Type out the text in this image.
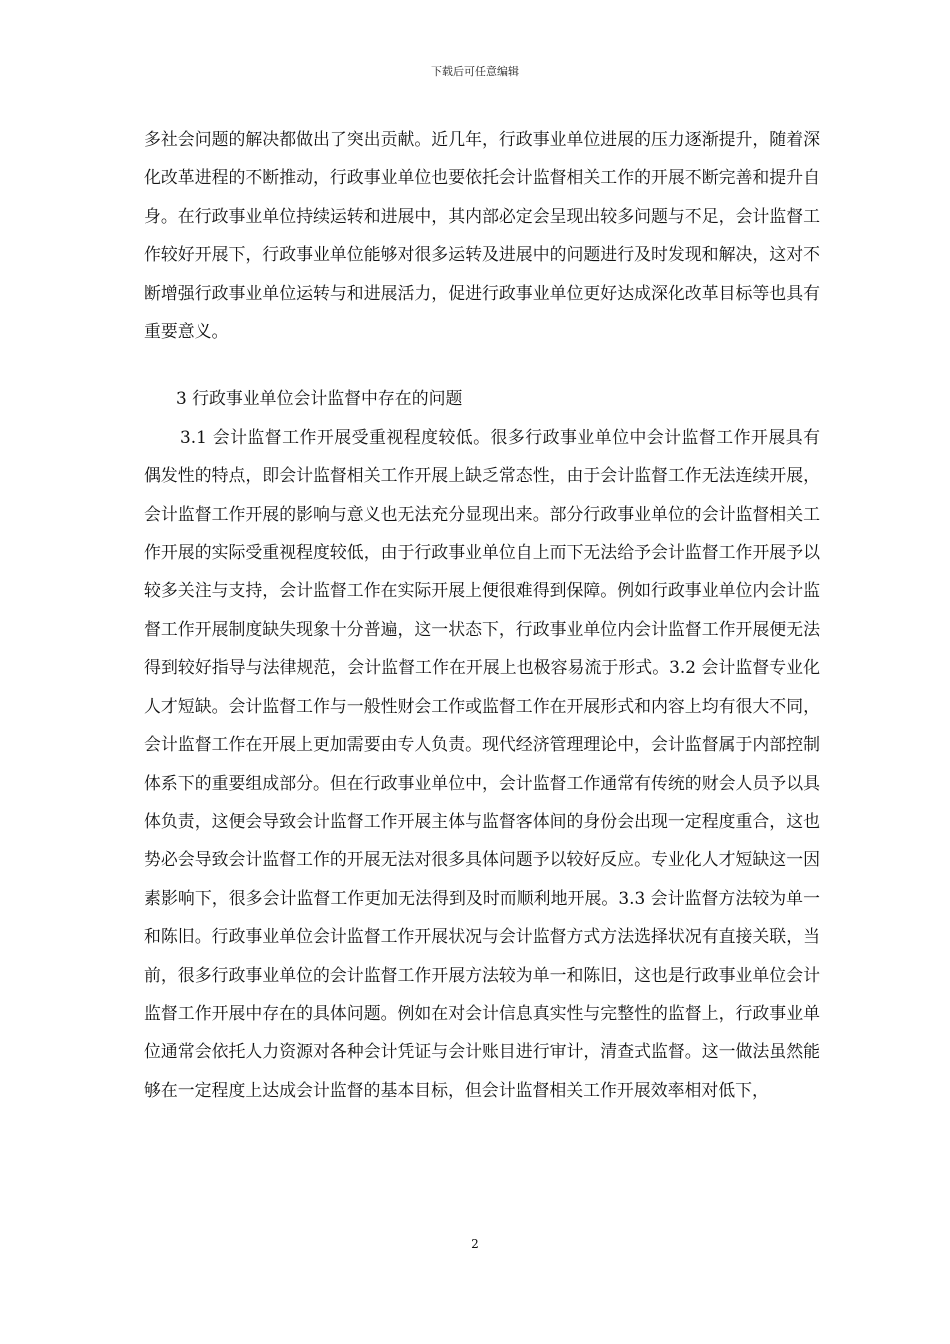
下载后可任意编辑

多社会问题的解决都做出了突出贡献。近几年，行政事业单位进展的压力逐渐提升，随着深化改革进程的不断推动，行政事业单位也要依托会计监督相关工作的开展不断完善和提升自身。在行政事业单位持续运转和进展中，其内部必定会呈现出较多问题与不足，会计监督工作较好开展下，行政事业单位能够对很多运转及进展中的问题进行及时发现和解决，这对不断增强行政事业单位运转与和进展活力，促进行政事业单位更好达成深化改革目标等也具有重要意义。

3 行政事业单位会计监督中存在的问题

3.1 会计监督工作开展受重视程度较低。很多行政事业单位中会计监督工作开展具有偶发性的特点，即会计监督相关工作开展上缺乏常态性，由于会计监督工作无法连续开展，会计监督工作开展的影响与意义也无法充分显现出来。部分行政事业单位的会计监督相关工作开展的实际受重视程度较低，由于行政事业单位自上而下无法给予会计监督工作开展予以较多关注与支持，会计监督工作在实际开展上便很难得到保障。例如行政事业单位内会计监督工作开展制度缺失现象十分普遍，这一状态下，行政事业单位内会计监督工作开展便无法得到较好指导与法律规范，会计监督工作在开展上也极容易流于形式。3.2 会计监督专业化人才短缺。会计监督工作与一般性财会工作或监督工作在开展形式和内容上均有很大不同，会计监督工作在开展上更加需要由专人负责。现代经济管理理论中，会计监督属于内部控制体系下的重要组成部分。但在行政事业单位中，会计监督工作通常有传统的财会人员予以具体负责，这便会导致会计监督工作开展主体与监督客体间的身份会出现一定程度重合，这也势必会导致会计监督工作的开展无法对很多具体问题予以较好反应。专业化人才短缺这一因素影响下，很多会计监督工作更加无法得到及时而顺利地开展。3.3 会计监督方法较为单一和陈旧。行政事业单位会计监督工作开展状况与会计监督方式方法选择状况有直接关联，当前，很多行政事业单位的会计监督工作开展方法较为单一和陈旧，这也是行政事业单位会计监督工作开展中存在的具体问题。例如在对会计信息真实性与完整性的监督上，行政事业单位通常会依托人力资源对各种会计凭证与会计账目进行审计，清查式监督。这一做法虽然能够在一定程度上达成会计监督的基本目标，但会计监督相关工作开展效率相对低下，

2
